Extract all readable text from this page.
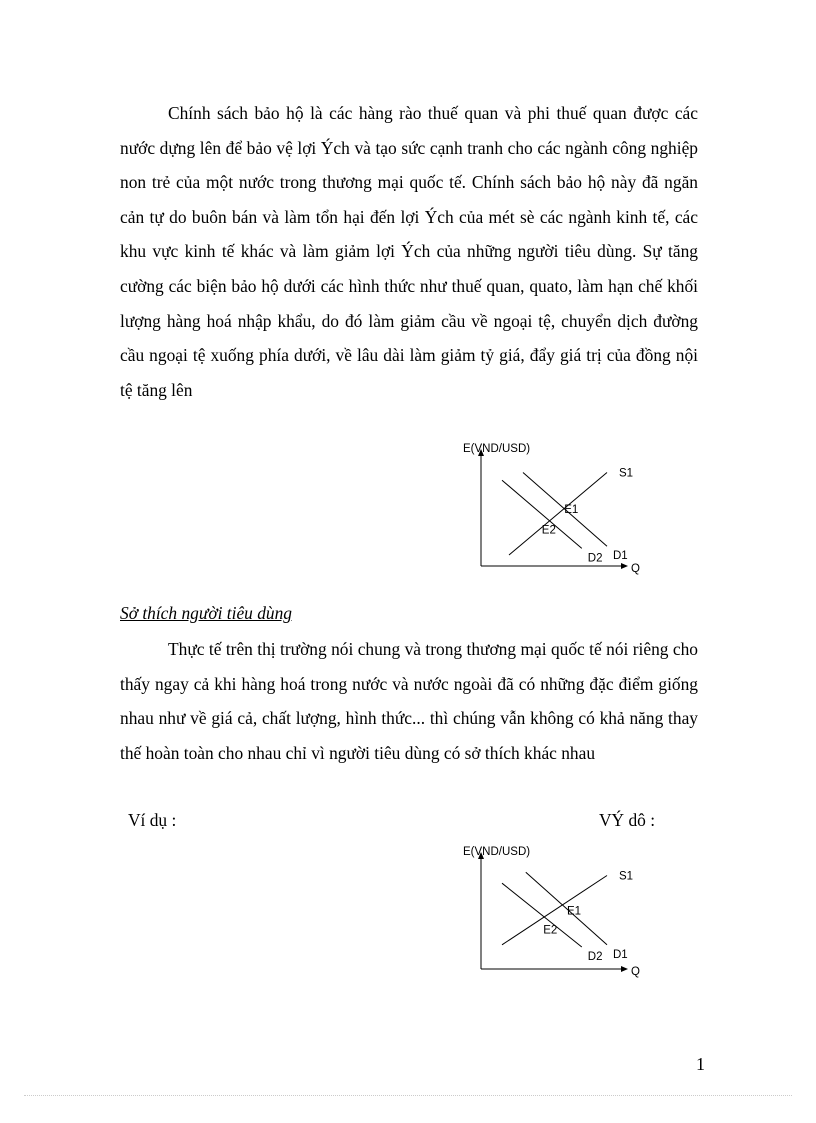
Chính sách bảo hộ là các hàng rào thuế quan và phi thuế quan được các nước dựng lên để bảo vệ lợi Ých và tạo sức cạnh tranh cho các ngành công nghiệp non trẻ của một nước trong thương mại quốc tế. Chính sách bảo hộ này đã ngăn cản tự do buôn bán và làm tổn hại đến lợi Ých của mét sè các ngành kinh tế, các khu vực kinh tế khác và làm giảm lợi Ých của những người tiêu dùng. Sự tăng cường các biện bảo hộ dưới các hình thức như thuế quan, quato, làm hạn chế khối lượng hàng hoá nhập khẩu, do đó làm giảm cầu về ngoại tệ, chuyển dịch đường cầu ngoại tệ xuống phía dưới, về lâu dài làm giảm tỷ giá, đẩy giá trị của đồng nội tệ tăng lên

E(VND/USD)
Q
S1
D1
D2
E1
E2

Sở thích người tiêu dùng

Thực tế trên thị trường nói chung và trong thương mại quốc tế nói riêng cho thấy ngay cả khi hàng hoá trong nước và nước ngoài đã có những đặc điểm giống nhau như về giá cả, chất lượng, hình thức... thì chúng vẫn không có khả năng thay thế hoàn toàn cho nhau chỉ vì người tiêu dùng có sở thích khác nhau

Ví dụ :	VÝ dô :
E(VND/USD)
Q
S1
D1
D2
E1
E2
1
